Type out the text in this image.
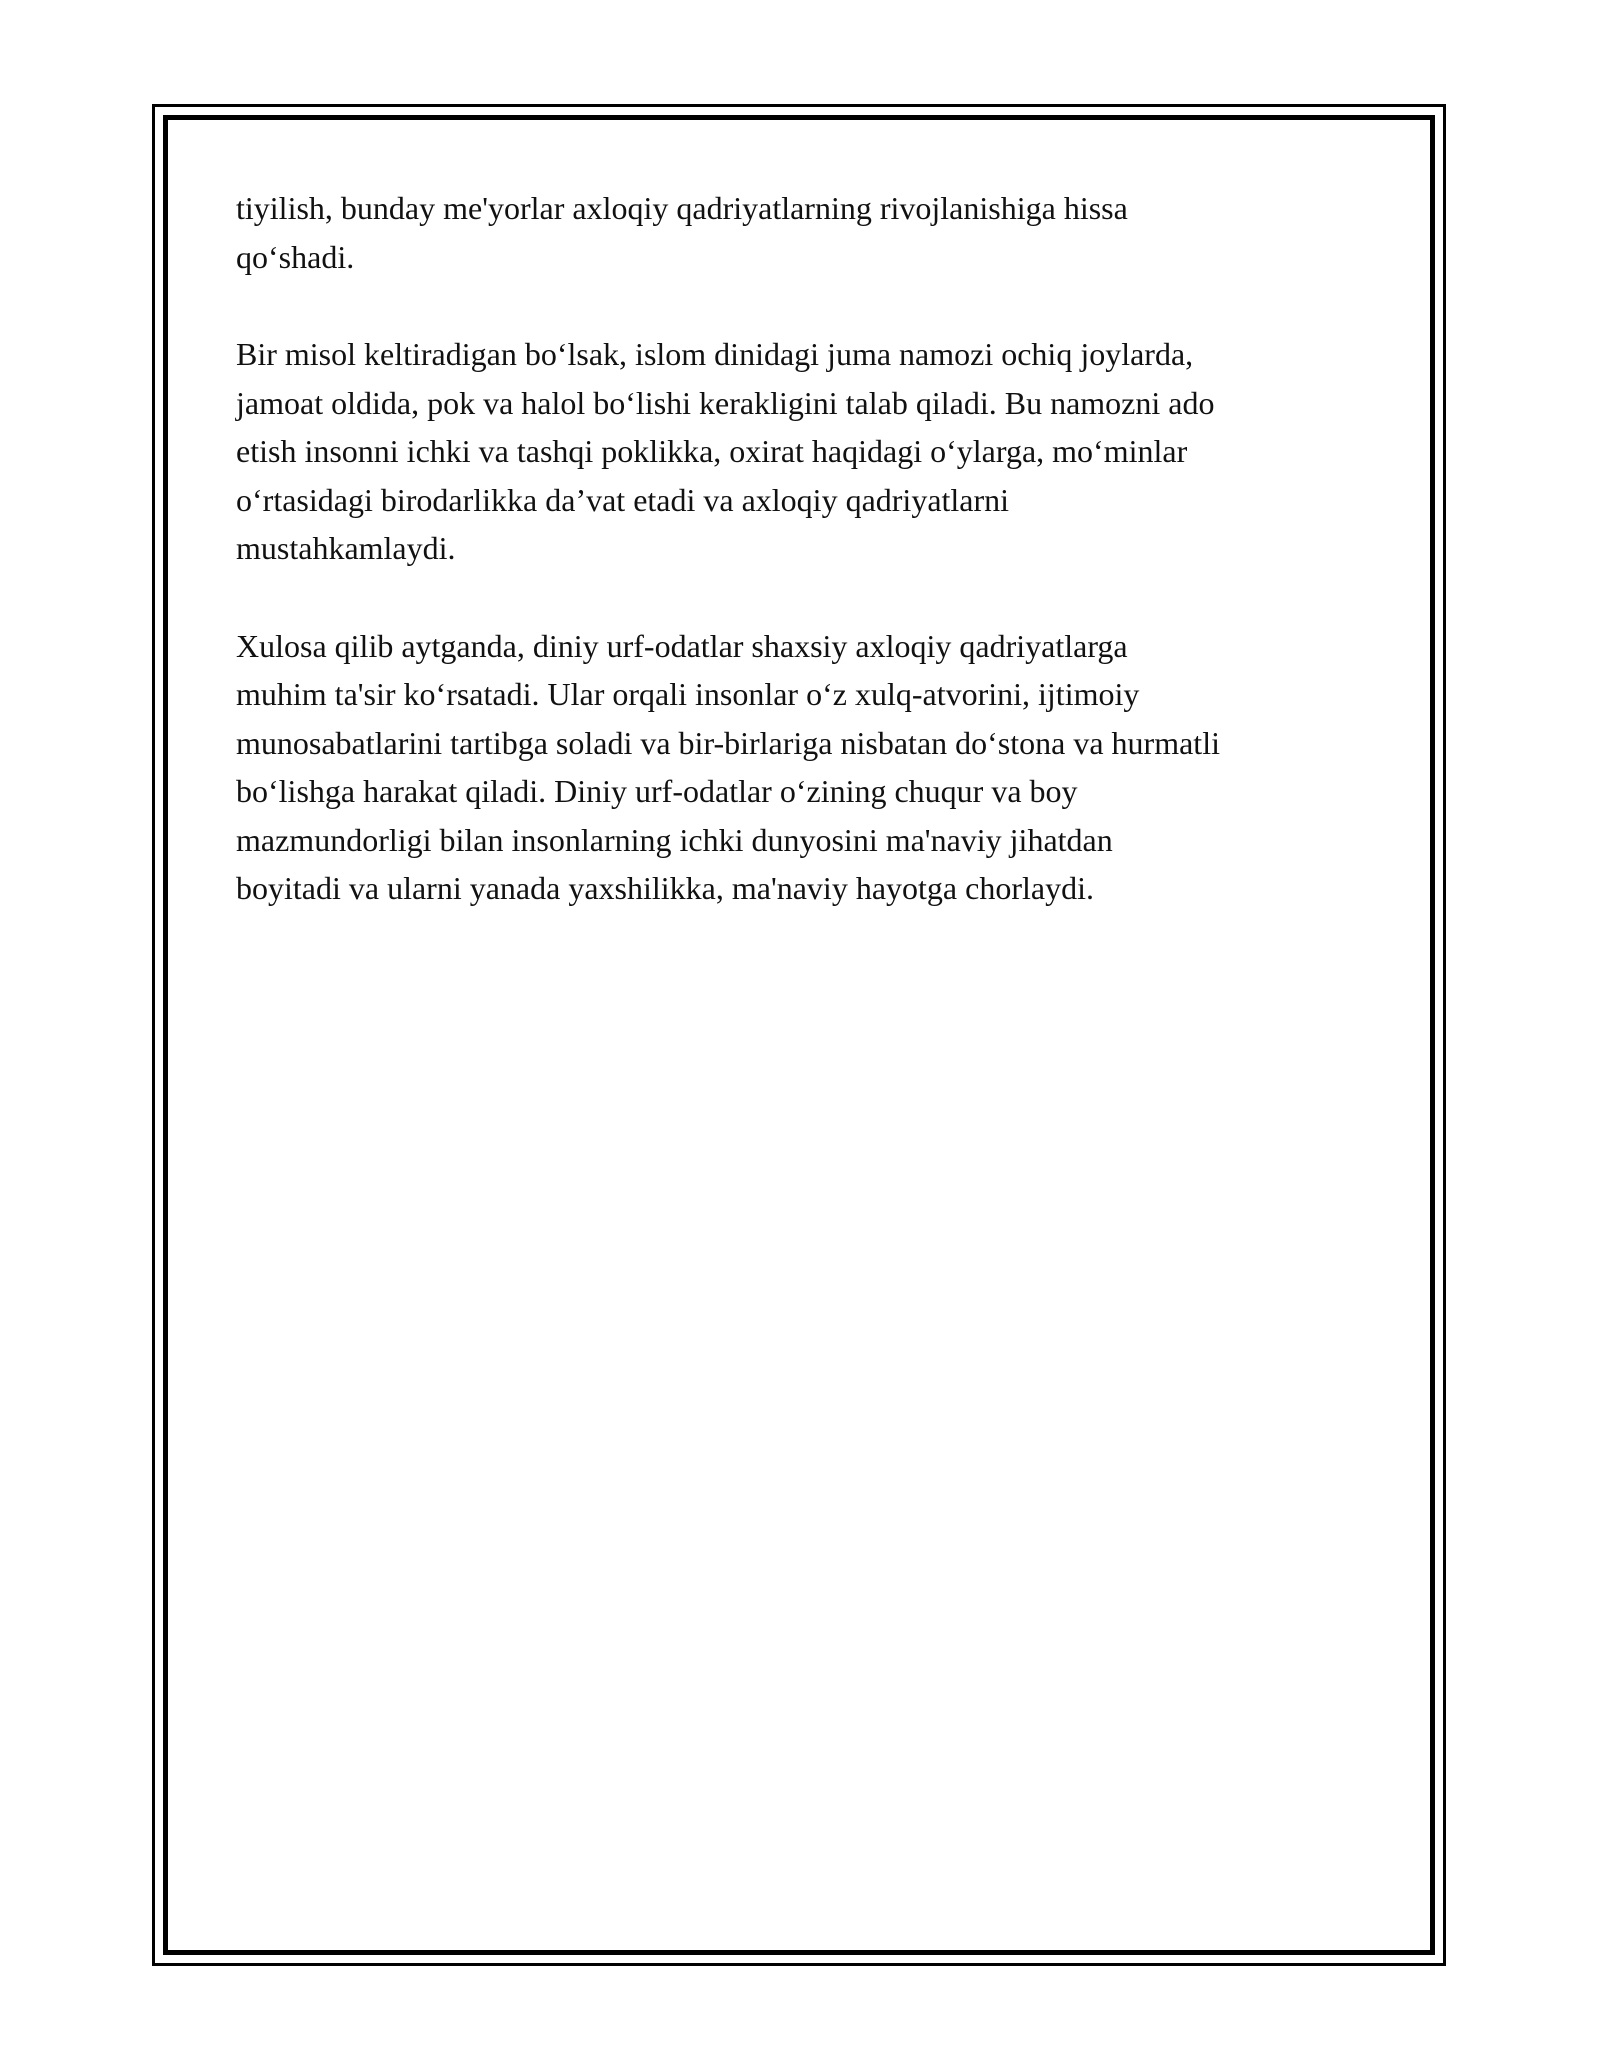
tiyilish, bunday me'yorlar axloqiy qadriyatlarning rivojlanishiga hissa
qo‘shadi.

Bir misol keltiradigan bo‘lsak, islom dinidagi juma namozi ochiq joylarda,
jamoat oldida, pok va halol bo‘lishi kerakligini talab qiladi. Bu namozni ado
etish insonni ichki va tashqi poklikka, oxirat haqidagi o‘ylarga, mo‘minlar
o‘rtasidagi birodarlikka da’vat etadi va axloqiy qadriyatlarni
mustahkamlaydi.

Xulosa qilib aytganda, diniy urf-odatlar shaxsiy axloqiy qadriyatlarga
muhim ta'sir ko‘rsatadi. Ular orqali insonlar o‘z xulq-atvorini, ijtimoiy
munosabatlarini tartibga soladi va bir-birlariga nisbatan do‘stona va hurmatli
bo‘lishga harakat qiladi. Diniy urf-odatlar o‘zining chuqur va boy
mazmundorligi bilan insonlarning ichki dunyosini ma'naviy jihatdan
boyitadi va ularni yanada yaxshilikka, ma'naviy hayotga chorlaydi.
